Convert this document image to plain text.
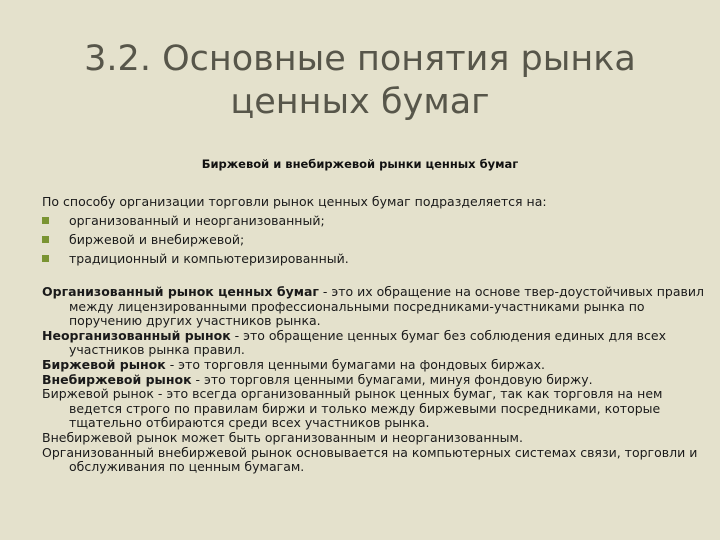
3.2. Основные понятия рынка
ценных бумаг
Биржевой и внебиржевой рынки ценных бумаг
По способу организации торговли рынок ценных бумаг подразделяется на:
организованный и неорганизованный;
биржевой и внебиржевой;
традиционный и компьютеризированный.

Организованный рынок ценных бумаг - это их обращение на основе твер-доустойчивых правил между лицензированными профессиональными посредниками-участниками рынка по поручению других участников рынка.

Неорганизованный рынок - это обращение ценных бумаг без соблюдения единых для всех участников рынка правил.

Биржевой рынок - это торговля ценными бумагами на фондовых биржах.

Внебиржевой рынок - это торговля ценными бумагами, минуя фондовую биржу.

Биржевой рынок - это всегда организованный рынок ценных бумаг, так как торговля на нем ведется строго по правилам биржи и только между биржевыми посредниками, которые тщательно отбираются среди всех участников рынка.

Внебиржевой рынок может быть организованным и неорганизованным.

Организованный внебиржевой рынок основывается на компьютерных системах связи, торговли и обслуживания по ценным бумагам.
